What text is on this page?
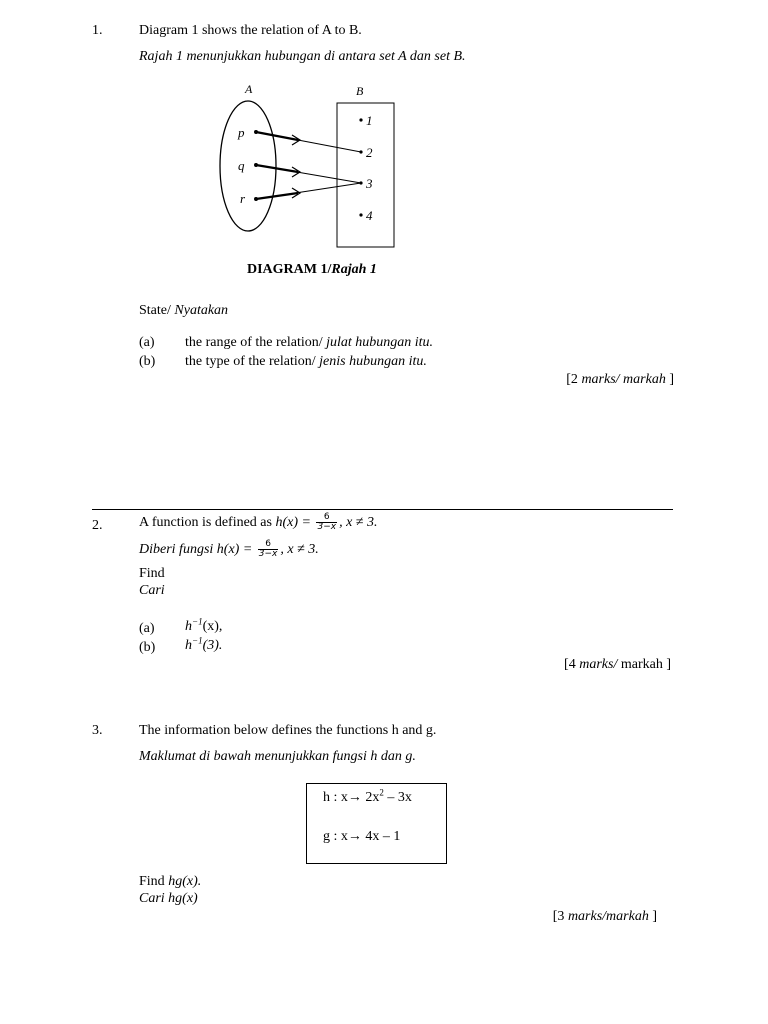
1.	Diagram 1 shows the relation of A to B.
Rajah 1 menunjukkan hubungan di antara set A dan set B.
A	B
p
q
r
1
2
3
4
DIAGRAM 1/Rajah 1
State/ Nyatakan
(a) the range of the relation/ julat hubungan itu.
(b) the type of the relation/ jenis hubungan itu.
[2 marks/ markah ]
2.	A function is defined as $h(x) = \frac{6}{3-x}$ , x ≠ 3.
Diberi fungsi $h(x) = \frac{6}{3-x}$ , x ≠ 3.
Find
Cari
(a) $h^{-1}(x)$,
(b) $h^{-1}(3)$.
[4 marks/ markah ]
3.	The information below defines the functions h and g.
Maklumat di bawah menunjukkan fungsi h dan g.
h : $x\to 2x^2 - 3x$
g : x→ 4x – 1
Find hg(x).
Cari hg(x)
[3 marks/markah ]
